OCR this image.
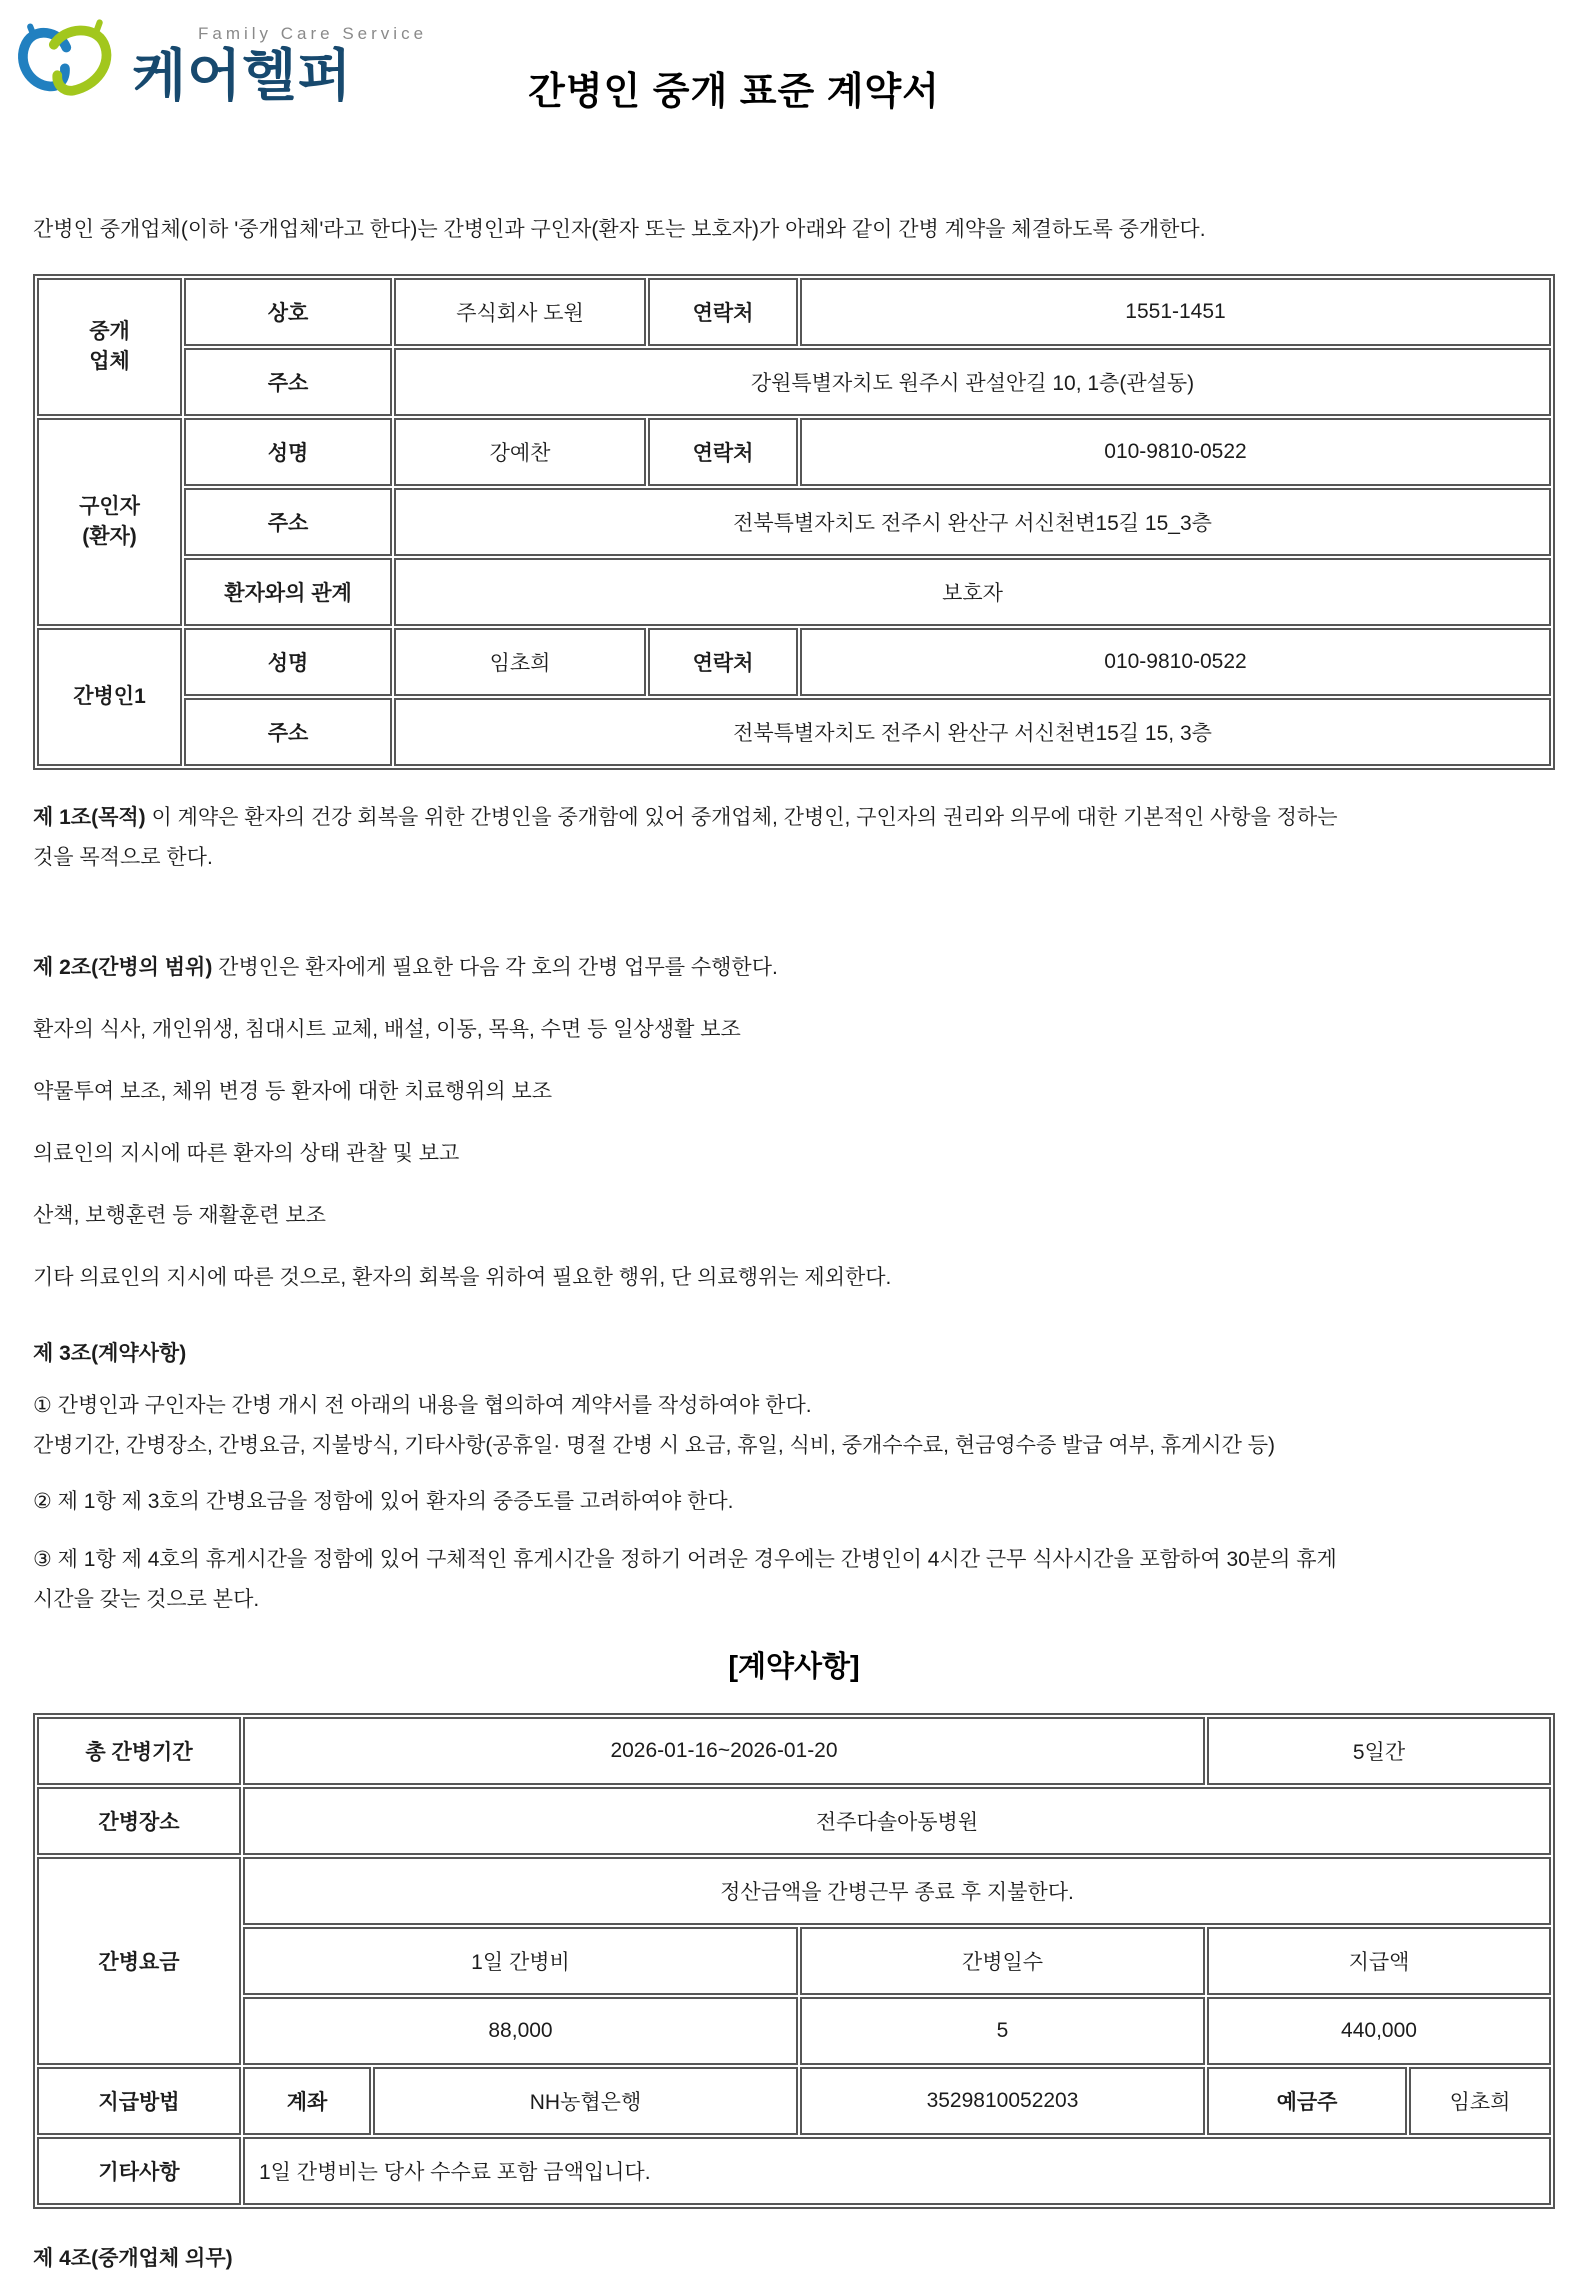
Family Care Service
케어헬퍼	간병인 중개 표준 계약서
간병인 중개업체(이하 '중개업체'라고 한다)는 간병인과 구인자(환자 또는 보호자)가 아래와 같이 간병 계약을 체결하도록 중개한다.
중개
업체	상호	주식회사 도원	연락처	1551-1451
	주소	강원특별자치도 원주시 관설안길 10, 1층(관설동)		

구인자
(환자)	성명	강예찬	연락처	010-9810-0522
	주소	전북특별자치도 전주시 완산구 서신천변15길 15_3층		
	환자와의 관계	보호자		

간병인1	성명	임초희	연락처	010-9810-0522
	주소	전북특별자치도 전주시 완산구 서신천변15길 15, 3층		
제 1조(목적) 이 계약은 환자의 건강 회복을 위한 간병인을 중개함에 있어 중개업체, 간병인, 구인자의 권리와 의무에 대한 기본적인 사항을 정하는
것을 목적으로 한다.
제 2조(간병의 범위) 간병인은 환자에게 필요한 다음 각 호의 간병 업무를 수행한다.
환자의 식사, 개인위생, 침대시트 교체, 배설, 이동, 목욕, 수면 등 일상생활 보조
약물투여 보조, 체위 변경 등 환자에 대한 치료행위의 보조
의료인의 지시에 따른 환자의 상태 관찰 및 보고
산책, 보행훈련 등 재활훈련 보조
기타 의료인의 지시에 따른 것으로, 환자의 회복을 위하여 필요한 행위, 단 의료행위는 제외한다.
제 3조(계약사항)
① 간병인과 구인자는 간병 개시 전 아래의 내용을 협의하여 계약서를 작성하여야 한다.
간병기간, 간병장소, 간병요금, 지불방식, 기타사항(공휴일· 명절 간병 시 요금, 휴일, 식비, 중개수수료, 현금영수증 발급 여부, 휴게시간 등)
② 제 1항 제 3호의 간병요금을 정함에 있어 환자의 중증도를 고려하여야 한다.
③ 제 1항 제 4호의 휴게시간을 정함에 있어 구체적인 휴게시간을 정하기 어려운 경우에는 간병인이 4시간 근무 식사시간을 포함하여 30분의 휴게
시간을 갖는 것으로 본다.
[계약사항]
총 간병기간	2026-01-16~2026-01-20			5일간	
간병장소	전주다솔아동병원				
간병요금	정산금액을 간병근무 종료 후 지불한다.				
	1일 간병비		간병일수	지급액	
	88,000		5	440,000	
지급방법	계좌	NH농협은행	3529810052203	예금주	임초희
기타사항	1일 간병비는 당사 수수료 포함 금액입니다.				
제 4조(중개업체 의무)
